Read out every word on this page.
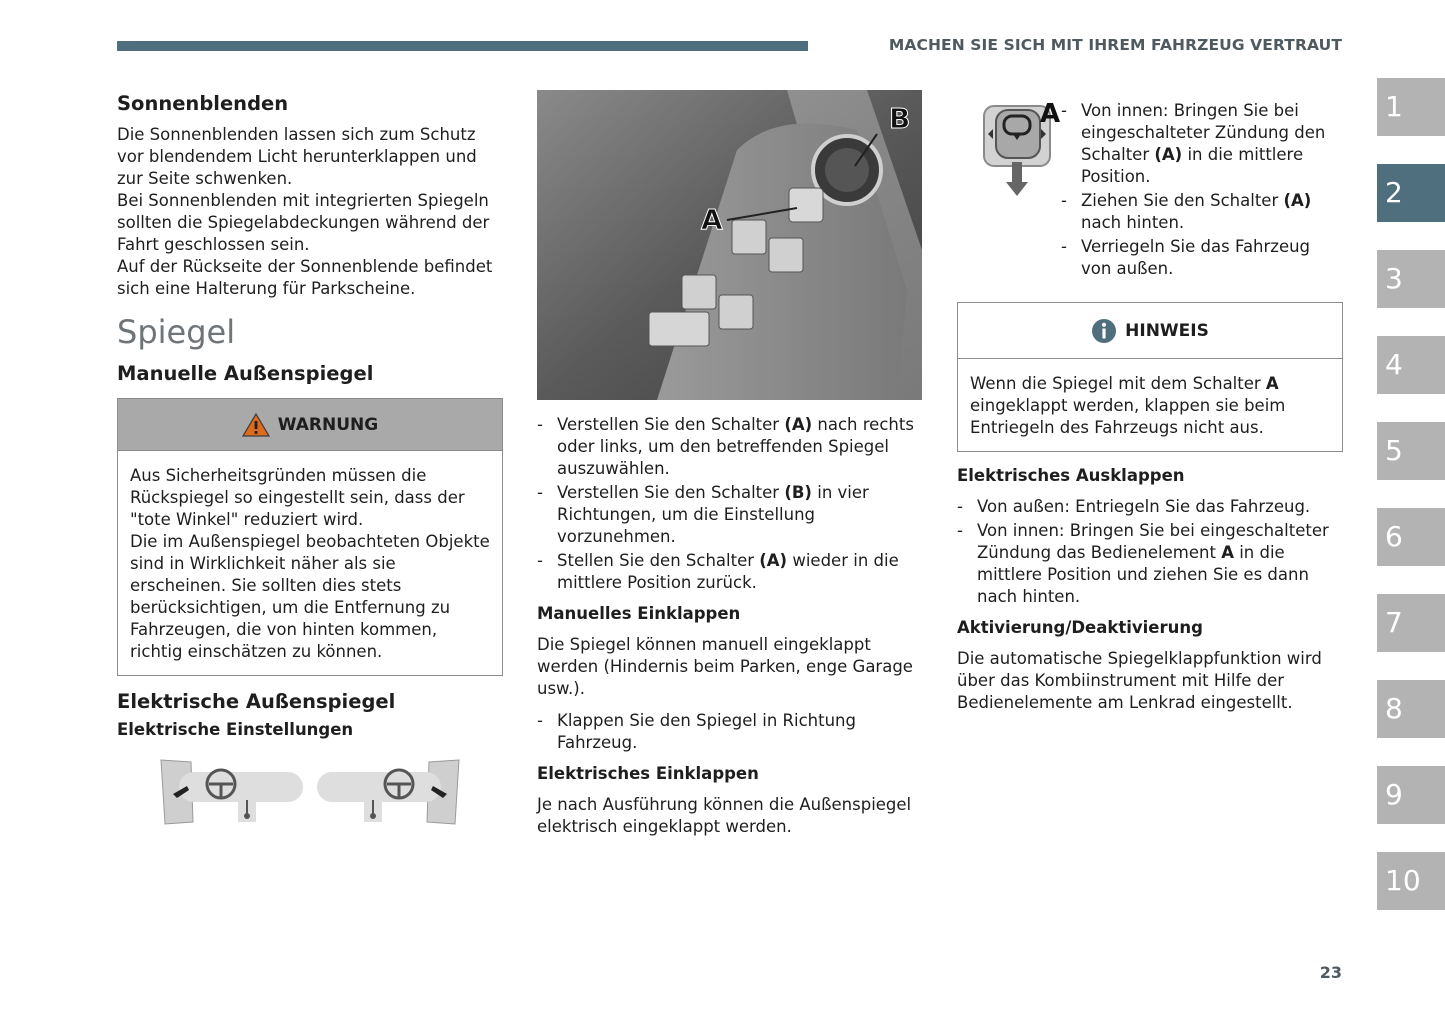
MACHEN SIE SICH MIT IHREM FAHRZEUG VERTRAUT
Sonnenblenden
Die Sonnenblenden lassen sich zum Schutz vor blendendem Licht herunterklappen und zur Seite schwenken.
Bei Sonnenblenden mit integrierten Spiegeln sollten die Spiegelabdeckungen während der Fahrt geschlossen sein.
Auf der Rückseite der Sonnenblende befindet sich eine Halterung für Parkscheine.
Spiegel
Manuelle Außenspiegel
WARNUNG
Aus Sicherheitsgründen müssen die Rückspiegel so eingestellt sein, dass der "tote Winkel" reduziert wird.
Die im Außenspiegel beobachteten Objekte sind in Wirklichkeit näher als sie erscheinen. Sie sollten dies stets berücksichtigen, um die Entfernung zu Fahrzeugen, die von hinten kommen, richtig einschätzen zu können.
Elektrische Außenspiegel
Elektrische Einstellungen
B
A
- Verstellen Sie den Schalter (A) nach rechts oder links, um den betreffenden Spiegel auszuwählen.
- Verstellen Sie den Schalter (B) in vier Richtungen, um die Einstellung vorzunehmen.
- Stellen Sie den Schalter (A) wieder in die mittlere Position zurück.
Manuelles Einklappen
Die Spiegel können manuell eingeklappt werden (Hindernis beim Parken, enge Garage usw.).
- Klappen Sie den Spiegel in Richtung Fahrzeug.
Elektrisches Einklappen
Je nach Ausführung können die Außenspiegel elektrisch eingeklappt werden.
A
-	Von innen: Bringen Sie bei eingeschalteter Zündung den Schalter (A) in die mittlere Position.
- Ziehen Sie den Schalter (A) nach hinten.
- Verriegeln Sie das Fahrzeug von außen.
HINWEIS
Wenn die Spiegel mit dem Schalter A eingeklappt werden, klappen sie beim Entriegeln des Fahrzeugs nicht aus.
Elektrisches Ausklappen
- Von außen: Entriegeln Sie das Fahrzeug.
- Von innen: Bringen Sie bei eingeschalteter Zündung das Bedienelement A in die mittlere Position und ziehen Sie es dann nach hinten.
Aktivierung/Deaktivierung
Die automatische Spiegelklappfunktion wird über das Kombiinstrument mit Hilfe der Bedienelemente am Lenkrad eingestellt.
1
2
3
4
5
6
7
8
9
10
23
